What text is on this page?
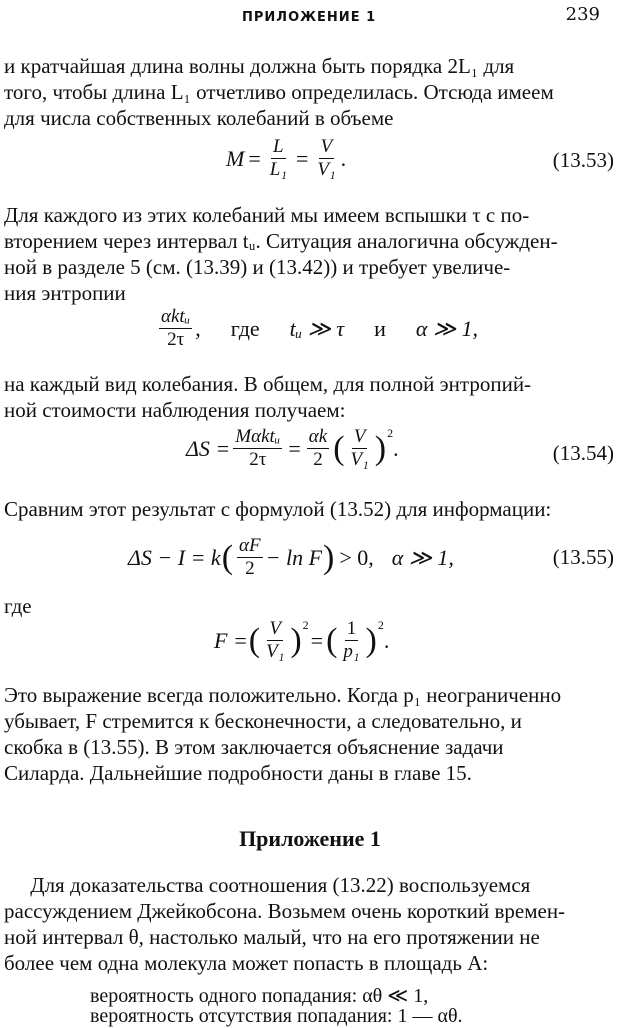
ПРИЛОЖЕНИЕ 1	239
и кратчайшая длина волны должна быть порядка 2L₁ для
того, чтобы длина L₁ отчетливо определилась. Отсюда имеем
для числа собственных колебаний в объеме
$M = \frac{L}{\text{L₁}} = \frac{V}{\text{V₁}}$ .	(13.53)
Для каждого из этих колебаний мы имеем вспышки τ с по-
вторением через интервал tᵤ. Ситуация аналогична обсужден-
ной в разделе 5 (см. (13.39) и (13.42)) и требует увеличе-
ния энтропии
$\frac{\text{αktᵤ}}{2\tau}$ , где tᵤ ≫ τ и α ≫ 1,
на каждый вид колебания. В общем, для полной энтропий-
ной стоимости наблюдения получаем:
$\Delta S = \frac{\text{Mαktᵤ}}{2\tau} = \frac{\alpha k}{2}$ ( $\frac{V}{\text{V₁}} )^2$
.	(13.54)
Сравним этот результат с формулой (13.52) для информации:
ΔS − I = k ( $\frac{\alpha F}{2} - \ln F$ ) > 0, α ≫ 1,	(13.55)
где
F = ( $\frac{V}{\text{V₁}} )^2$
= ( $\frac{1}{\text{p₁}} )^2$
.
Это выражение всегда положительно. Когда p₁ неограниченно
убывает, F стремится к бесконечности, а следовательно, и
скобка в (13.55). В этом заключается объяснение задачи
Силарда. Дальнейшие подробности даны в главе 15.
Приложение 1
Для доказательства соотношения (13.22) воспользуемся
рассуждением Джейкобсона. Возьмем очень короткий времен-
ной интервал θ, настолько малый, что на его протяжении не
более чем одна молекула может попасть в площадь A:
вероятность одного попадания: αθ ≪ 1,
вероятность отсутствия попадания: 1 — αθ.
